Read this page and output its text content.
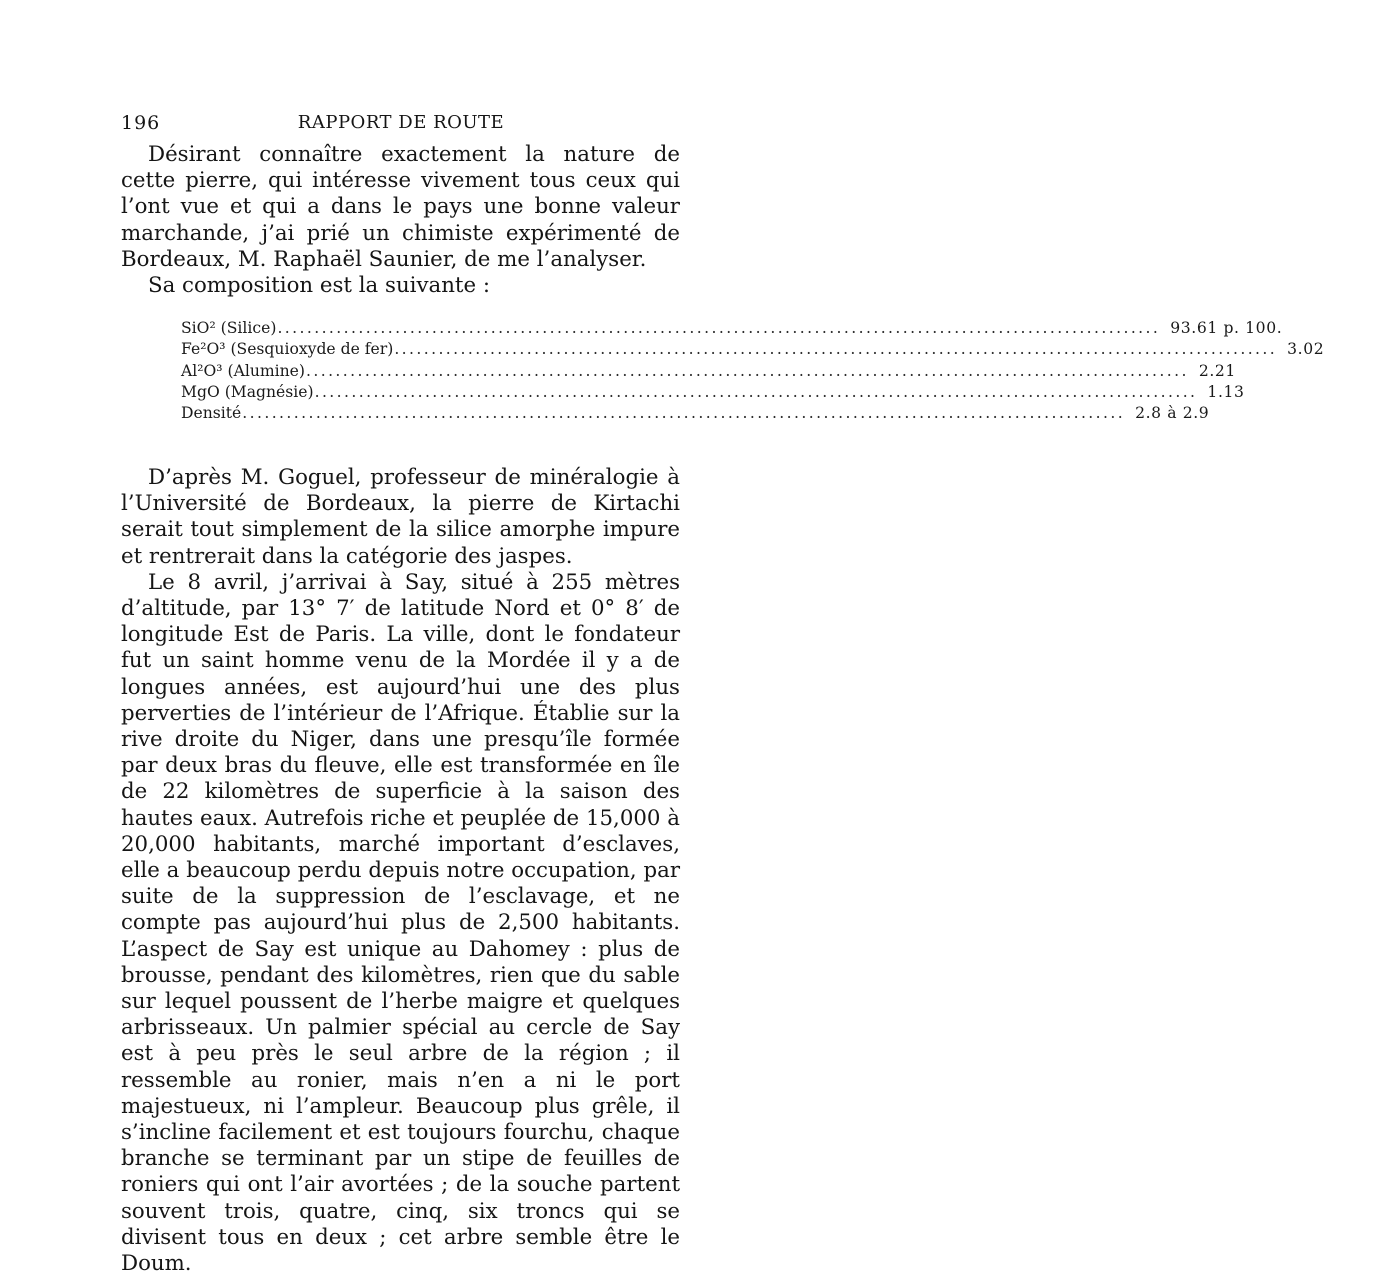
196	RAPPORT DE ROUTE

Désirant connaître exactement la nature de cette pierre, qui intéresse vivement tous ceux qui l’ont vue et qui a dans le pays une bonne valeur marchande, j’ai prié un chimiste expérimenté de Bordeaux, M. Raphaël Saunier, de me l’analyser.

Sa composition est la suivante :

SiO² (Silice) ........................................................................................................................ 93.61 p. 100.
Fe²O³ (Sesquioxyde de fer) ........................................................................................................................ 3.02
Al²O³ (Alumine) ........................................................................................................................ 2.21
MgO (Magnésie) ........................................................................................................................ 1.13
Densité ........................................................................................................................ 2.8 à 2.9

D’après M. Goguel, professeur de minéralogie à l’Université de Bordeaux, la pierre de Kirtachi serait tout simplement de la silice amorphe impure et rentrerait dans la catégorie des jaspes.

Le 8 avril, j’arrivai à Say, situé à 255 mètres d’altitude, par 13° 7′ de latitude Nord et 0° 8′ de longitude Est de Paris. La ville, dont le fondateur fut un saint homme venu de la Mordée il y a de longues années, est aujourd’hui une des plus perverties de l’intérieur de l’Afrique. Établie sur la rive droite du Niger, dans une presqu’île formée par deux bras du fleuve, elle est transformée en île de 22 kilomètres de superficie à la saison des hautes eaux. Autrefois riche et peuplée de 15,000 à 20,000 habitants, marché important d’esclaves, elle a beaucoup perdu depuis notre occupation, par suite de la suppression de l’esclavage, et ne compte pas aujourd’hui plus de 2,500 habitants. L’aspect de Say est unique au Dahomey : plus de brousse, pendant des kilomètres, rien que du sable sur lequel poussent de l’herbe maigre et quelques arbrisseaux. Un palmier spécial au cercle de Say est à peu près le seul arbre de la région ; il ressemble au ronier, mais n’en a ni le port majestueux, ni l’ampleur. Beaucoup plus grêle, il s’incline facilement et est toujours fourchu, chaque branche se terminant par un stipe de feuilles de roniers qui ont l’air avortées ; de la souche partent souvent trois, quatre, cinq, six troncs qui se divisent tous en deux ; cet arbre semble être le Doum.
